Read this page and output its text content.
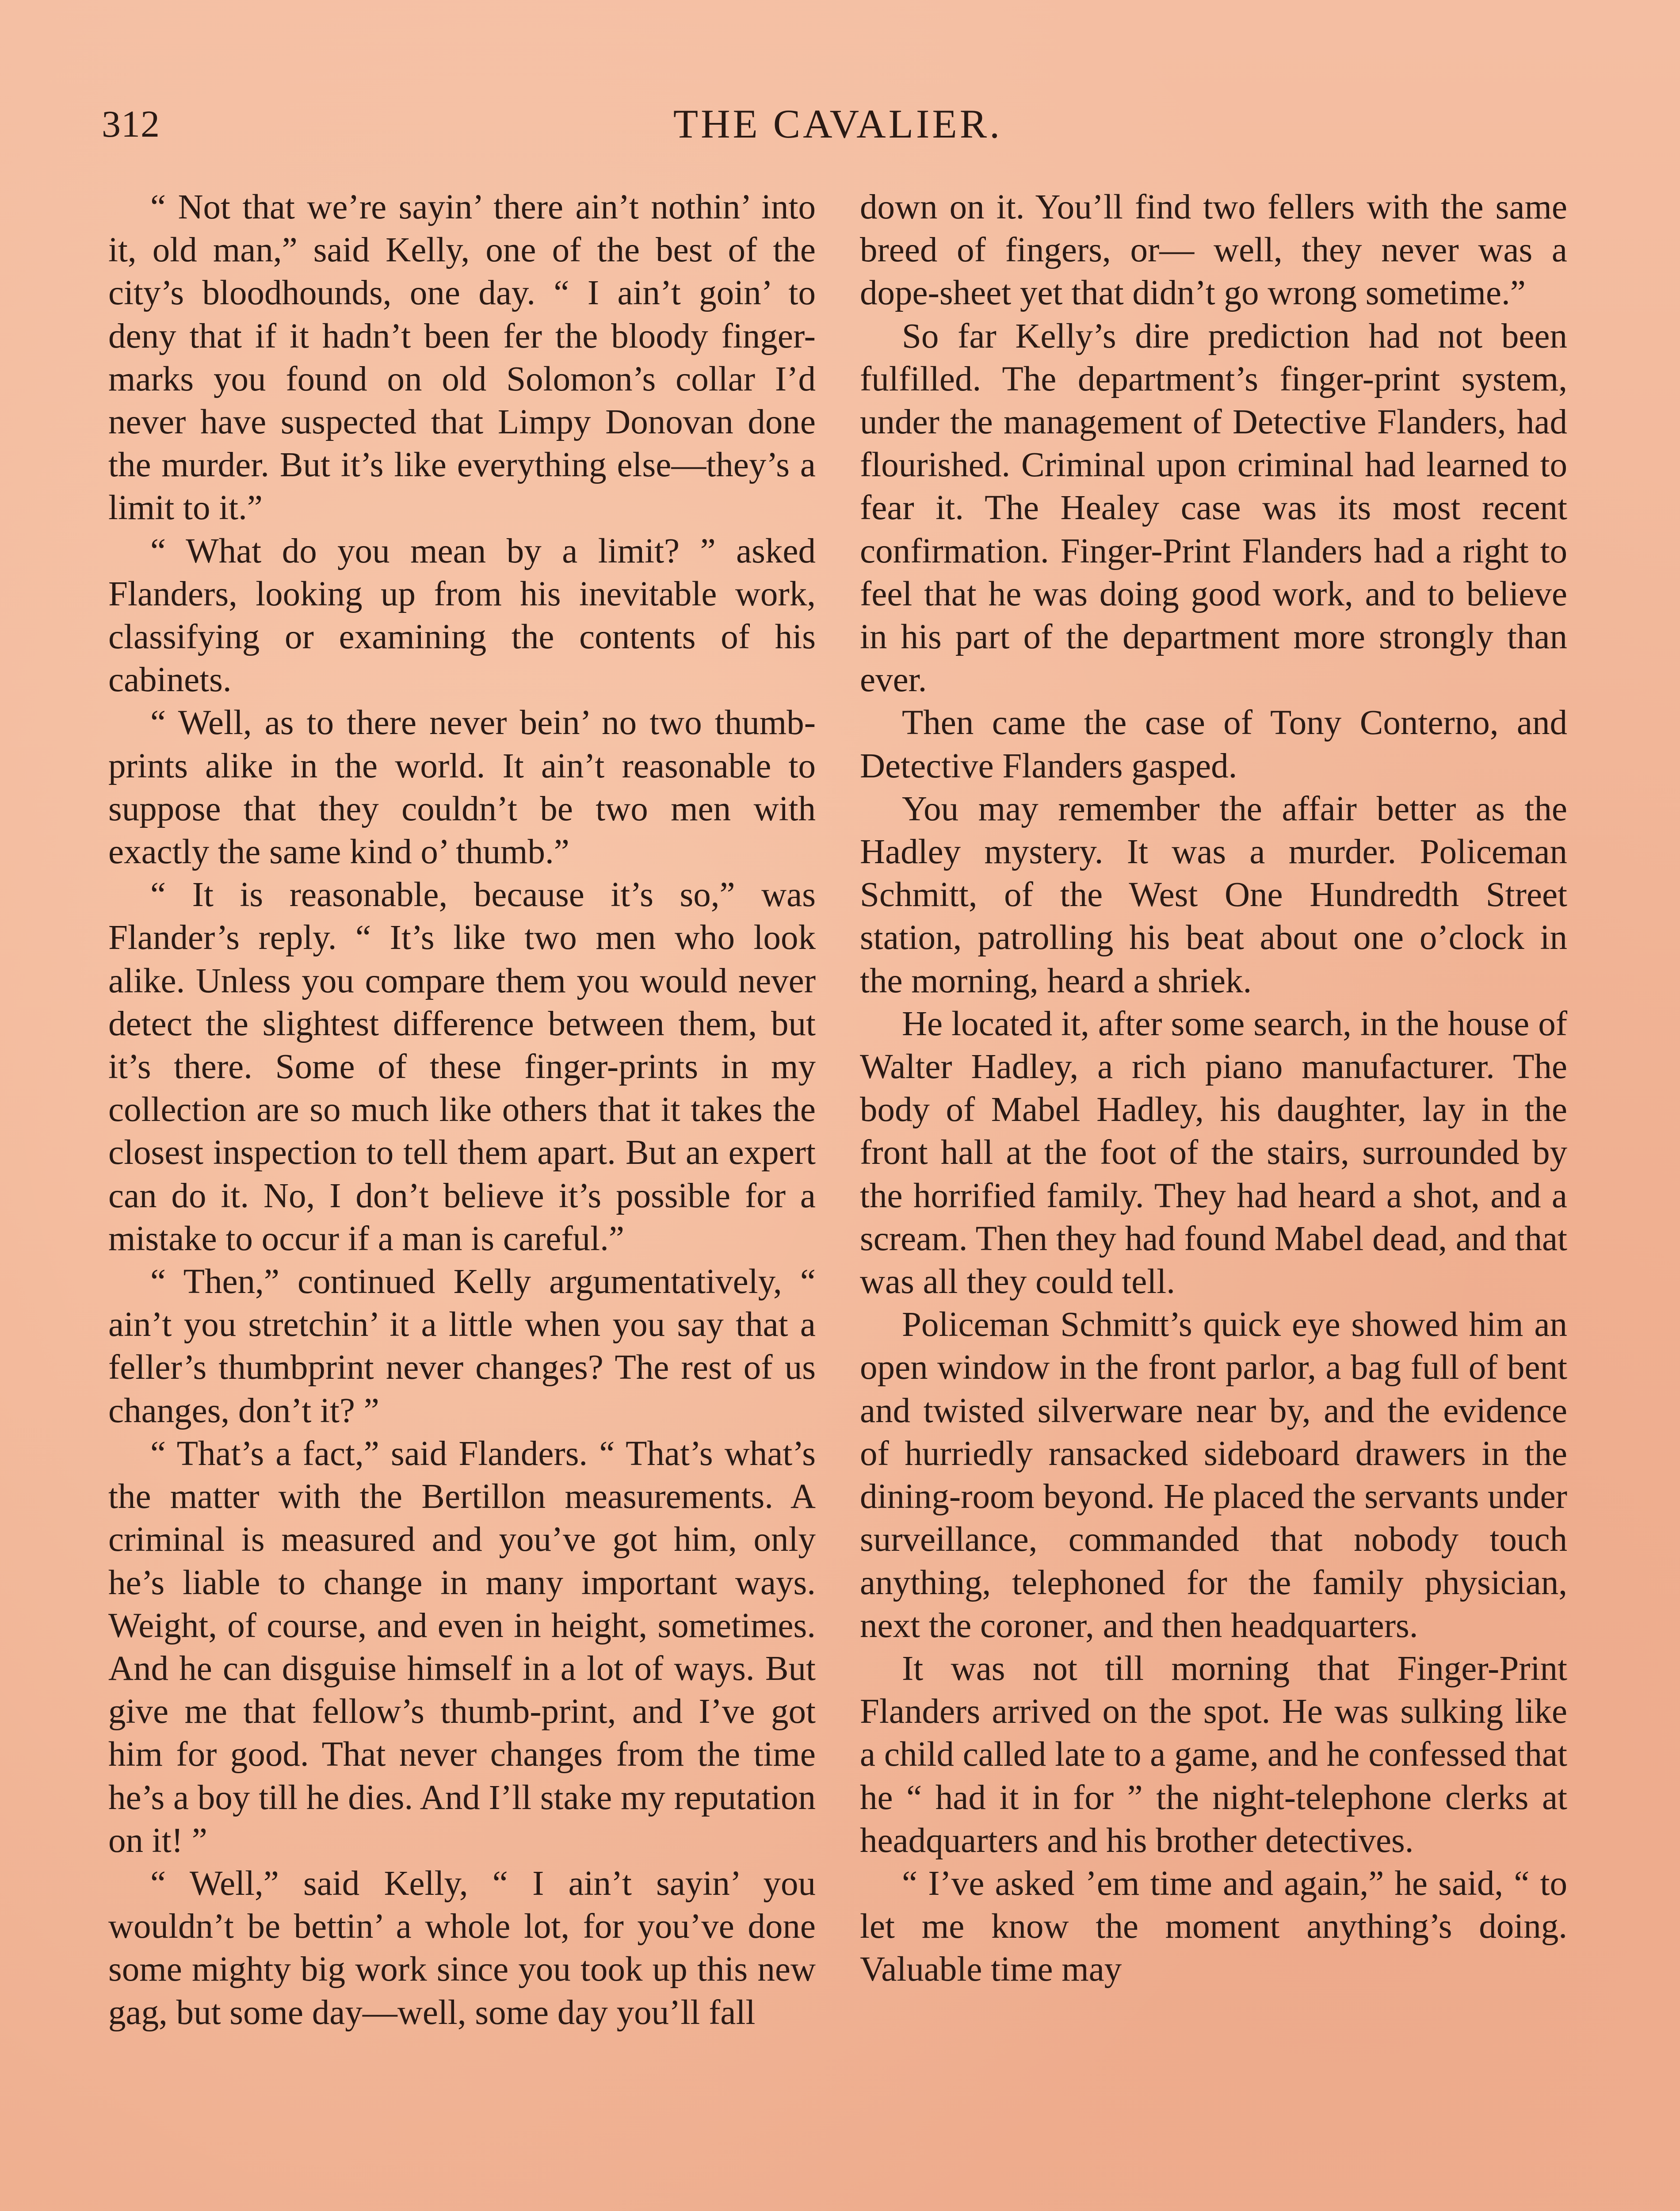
312	THE CAVALIER.

“ Not that we’re sayin’ there ain’t nothin’ into it, old man,” said Kelly, one of the best of the city’s bloodhounds, one day. “ I ain’t goin’ to deny that if it hadn’t been fer the bloody finger-marks you found on old Solomon’s collar I’d never have suspected that Limpy Donovan done the murder. But it’s like everything else—they’s a limit to it.”

“ What do you mean by a limit? ” asked Flanders, looking up from his inevitable work, classifying or examining the contents of his cabinets.

“ Well, as to there never bein’ no two thumb-prints alike in the world. It ain’t reasonable to suppose that they couldn’t be two men with exactly the same kind o’ thumb.”

“ It is reasonable, because it’s so,” was Flander’s reply. “ It’s like two men who look alike. Unless you compare them you would never detect the slightest difference between them, but it’s there. Some of these finger-prints in my collection are so much like others that it takes the closest inspection to tell them apart. But an expert can do it. No, I don’t believe it’s possible for a mistake to occur if a man is careful.”

“ Then,” continued Kelly argumentatively, “ ain’t you stretchin’ it a little when you say that a feller’s thumbprint never changes? The rest of us changes, don’t it? ”

“ That’s a fact,” said Flanders. “ That’s what’s the matter with the Bertillon measurements. A criminal is measured and you’ve got him, only he’s liable to change in many important ways. Weight, of course, and even in height, sometimes. And he can disguise himself in a lot of ways. But give me that fellow’s thumb-print, and I’ve got him for good. That never changes from the time he’s a boy till he dies. And I’ll stake my reputation on it! ”

“ Well,” said Kelly, “ I ain’t sayin’ you wouldn’t be bettin’ a whole lot, for you’ve done some mighty big work since you took up this new gag, but some day—well, some day you’ll fall

down on it. You’ll find two fellers with the same breed of fingers, or— well, they never was a dope-sheet yet that didn’t go wrong sometime.”

So far Kelly’s dire prediction had not been fulfilled. The department’s finger-print system, under the management of Detective Flanders, had flourished. Criminal upon criminal had learned to fear it. The Healey case was its most recent confirmation. Finger-Print Flanders had a right to feel that he was doing good work, and to believe in his part of the department more strongly than ever.

Then came the case of Tony Conterno, and Detective Flanders gasped.

You may remember the affair better as the Hadley mystery. It was a murder. Policeman Schmitt, of the West One Hundredth Street station, patrolling his beat about one o’clock in the morning, heard a shriek.

He located it, after some search, in the house of Walter Hadley, a rich piano manufacturer. The body of Mabel Hadley, his daughter, lay in the front hall at the foot of the stairs, surrounded by the horrified family. They had heard a shot, and a scream. Then they had found Mabel dead, and that was all they could tell.

Policeman Schmitt’s quick eye showed him an open window in the front parlor, a bag full of bent and twisted silverware near by, and the evidence of hurriedly ransacked sideboard drawers in the dining-room beyond. He placed the servants under surveillance, commanded that nobody touch anything, telephoned for the family physician, next the coroner, and then headquarters.

It was not till morning that Finger-Print Flanders arrived on the spot. He was sulking like a child called late to a game, and he confessed that he “ had it in for ” the night-telephone clerks at headquarters and his brother detectives.

“ I’ve asked ’em time and again,” he said, “ to let me know the moment anything’s doing. Valuable time may
